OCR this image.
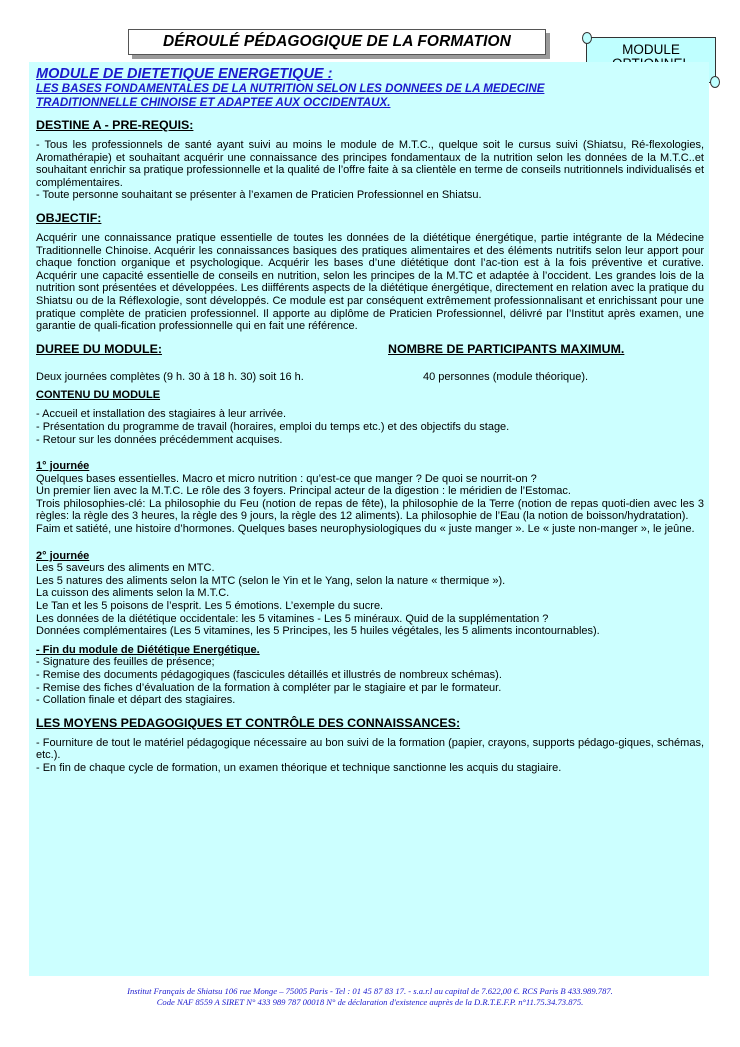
DÉROULÉ PÉDAGOGIQUE DE LA FORMATION	MODULE
MODULE DE DIETETIQUE ENERGETIQUE :
LES BASES FONDAMENTALES DE LA NUTRITION SELON LES DONNEES DE LA MEDECINE TRADITIONNELLE CHINOISE ET ADAPTEE AUX OCCIDENTAUX.
DESTINE A - PRE-REQUIS:
- Tous les professionnels de santé ayant suivi au moins le module de M.T.C., quelque soit le cursus suivi (Shiatsu, Ré-flexologies, Aromathérapie) et souhaitant acquérir une connaissance des principes fondamentaux de la nutrition selon les données de la M.T.C..et souhaitant enrichir sa pratique professionnelle et la qualité de l’offre faite à sa clientèle en terme de conseils nutritionnels individualisés et complémentaires.
- Toute personne souhaitant se présenter à l’examen de Praticien Professionnel en Shiatsu.
OBJECTIF:
Acquérir une connaissance pratique essentielle de toutes les données de la diététique énergétique, partie intégrante de la Médecine Traditionnelle Chinoise. Acquérir les connaissances basiques des pratiques alimentaires et des éléments nutritifs selon leur apport pour chaque fonction organique et psychologique. Acquérir les bases d’une diététique dont l’ac-tion est à la fois préventive et curative. Acquérir une capacité essentielle de conseils en nutrition, selon les principes de la M.TC et adaptée à l’occident. Les grandes lois de la nutrition sont présentées et développées. Les diifférents aspects de la diététique énergétique, directement en relation avec la pratique du Shiatsu ou de la Réflexologie, sont développés. Ce module est par conséquent extrêmement professionnalisant et enrichissant pour une pratique complète de praticien professionnel. Il apporte au diplôme de Praticien Professionnel, délivré par l’Institut après examen, une garantie de quali-fication professionnelle qui en fait une référence.
DUREE DU MODULE:	NOMBRE DE PARTICIPANTS MAXIMUM.
Deux journées complètes (9 h. 30 à 18 h. 30) soit 16 h.	40 personnes (module théorique).
CONTENU DU MODULE
- Accueil et installation des stagiaires à leur arrivée.
- Présentation du programme de travail (horaires, emploi du temps etc.) et des objectifs du stage.
- Retour sur les données précédemment acquises.
1° journée
Quelques bases essentielles. Macro et micro nutrition : qu’est-ce que manger ? De quoi se nourrit-on ?
Un premier lien avec la M.T.C. Le rôle des 3 foyers. Principal acteur de la digestion : le méridien de l’Estomac.
Trois philosophies-clé: La philosophie du Feu (notion de repas de fête), la philosophie de la Terre (notion de repas quoti-dien avec les 3 règles: la règle des 3 heures, la règle des 9 jours, la règle des 12 aliments). La philosophie de l’Eau (la notion de boisson/hydratation).
Faim et satiété, une histoire d’hormones. Quelques bases neurophysiologiques du « juste manger ». Le « juste non-manger », le jeûne.
2° journée
Les 5 saveurs des aliments en MTC.
Les 5 natures des aliments selon la MTC (selon le Yin et le Yang, selon la nature « thermique »).
La cuisson des aliments selon la M.T.C.
Le Tan et les 5 poisons de l’esprit. Les 5 émotions. L’exemple du sucre.
Les données de la diététique occidentale: les 5 vitamines - Les 5 minéraux. Quid de la supplémentation ?
Données complémentaires (Les 5 vitamines, les 5 Principes, les 5 huiles végétales, les 5 aliments incontournables).
- Fin du module de Diététique Energétique.
- Signature des feuilles de présence;
- Remise des documents pédagogiques (fascicules détaillés et illustrés de nombreux schémas).
- Remise des fiches d’évaluation de la formation à compléter par le stagiaire et par le formateur.
- Collation finale et départ des stagiaires.
LES MOYENS PEDAGOGIQUES ET CONTRÔLE DES CONNAISSANCES:
- Fourniture de tout le matériel pédagogique nécessaire au bon suivi de la formation (papier, crayons, supports pédago-giques, schémas, etc.).
- En fin de chaque cycle de formation, un examen théorique et technique sanctionne les acquis du stagiaire.
Institut Français de Shiatsu 106 rue Monge – 75005 Paris - Tel : 01 45 87 83 17. - s.a.r.l au capital de 7.622,00 €. RCS Paris B 433.989.787.
Code NAF 8559 A SIRET N° 433 989 787 00018 N° de déclaration d'existence auprès de la D.R.T.E.F.P. n°11.75.34.73.875.
